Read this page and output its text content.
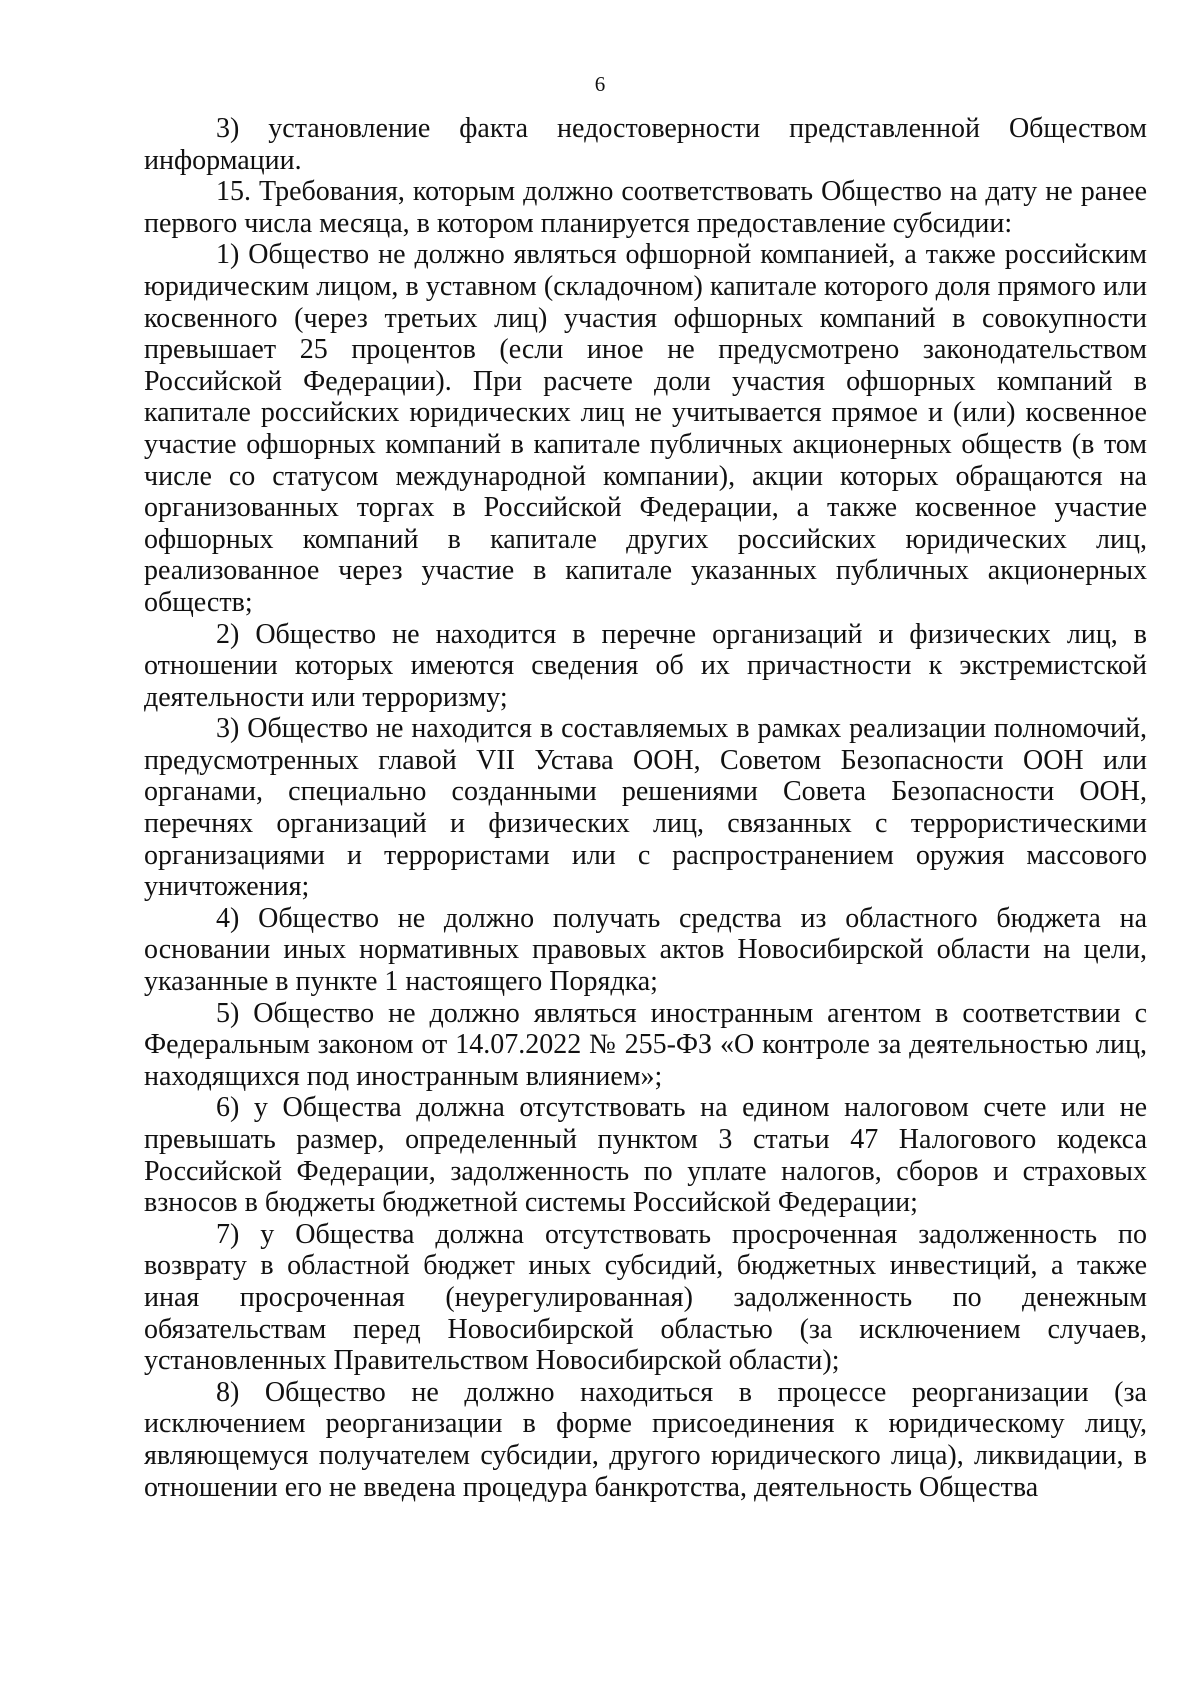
6

3) установление факта недостоверности представленной Обществом информации.

15. Требования, которым должно соответствовать Общество на дату не ранее первого числа месяца, в котором планируется предоставление субсидии:

1) Общество не должно являться офшорной компанией, а также российским юридическим лицом, в уставном (складочном) капитале которого доля прямого или косвенного (через третьих лиц) участия офшорных компаний в совокупности превышает 25 процентов (если иное не предусмотрено законодательством Российской Федерации). При расчете доли участия офшорных компаний в капитале российских юридических лиц не учитывается прямое и (или) косвенное участие офшорных компаний в капитале публичных акционерных обществ (в том числе со статусом международной компании), акции которых обращаются на организованных торгах в Российской Федерации, а также косвенное участие офшорных компаний в капитале других российских юридических лиц, реализованное через участие в капитале указанных публичных акционерных обществ;

2) Общество не находится в перечне организаций и физических лиц, в отношении которых имеются сведения об их причастности к экстремистской деятельности или терроризму;

3) Общество не находится в составляемых в рамках реализации полномочий, предусмотренных главой VII Устава ООН, Советом Безопасности ООН или органами, специально созданными решениями Совета Безопасности ООН, перечнях организаций и физических лиц, связанных с террористическими организациями и террористами или с распространением оружия массового уничтожения;

4) Общество не должно получать средства из областного бюджета на основании иных нормативных правовых актов Новосибирской области на цели, указанные в пункте 1 настоящего Порядка;

5) Общество не должно являться иностранным агентом в соответствии с Федеральным законом от 14.07.2022 № 255-ФЗ «О контроле за деятельностью лиц, находящихся под иностранным влиянием»;

6) у Общества должна отсутствовать на едином налоговом счете или не превышать размер, определенный пунктом 3 статьи 47 Налогового кодекса Российской Федерации, задолженность по уплате налогов, сборов и страховых взносов в бюджеты бюджетной системы Российской Федерации;

7) у Общества должна отсутствовать просроченная задолженность по возврату в областной бюджет иных субсидий, бюджетных инвестиций, а также иная просроченная (неурегулированная) задолженность по денежным обязательствам перед Новосибирской областью (за исключением случаев, установленных Правительством Новосибирской области);

8) Общество не должно находиться в процессе реорганизации (за исключением реорганизации в форме присоединения к юридическому лицу, являющемуся получателем субсидии, другого юридического лица), ликвидации, в отношении его не введена процедура банкротства, деятельность Общества
